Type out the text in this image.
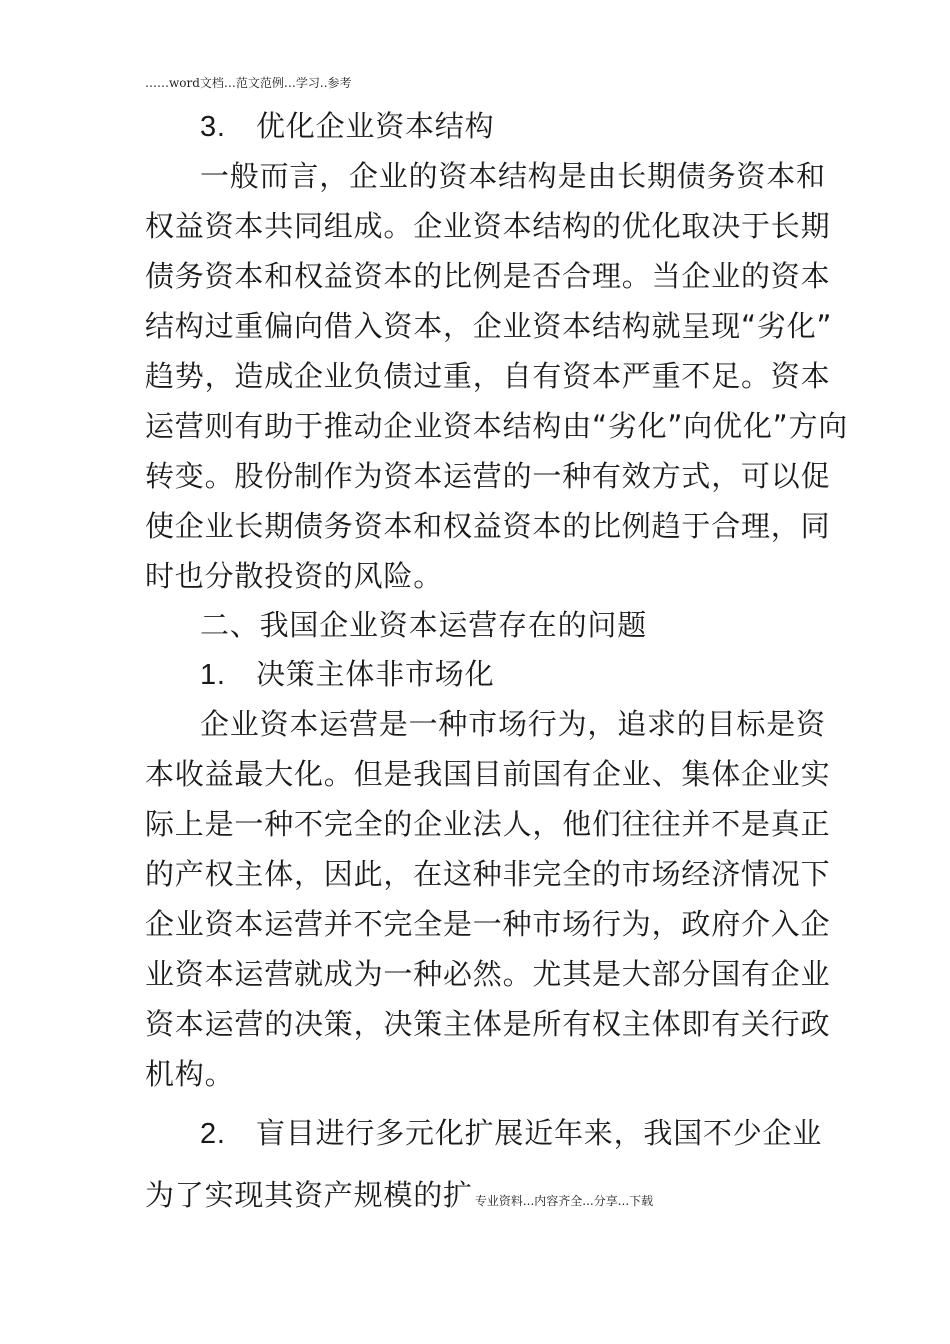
……word文档…范文范例…学习..参考
3. 优化企业资本结构
一般而言，企业的资本结构是由长期债务资本和
权益资本共同组成。企业资本结构的优化取决于长期
债务资本和权益资本的比例是否合理。当企业的资本
结构过重偏向借入资本，企业资本结构就呈现“劣化”
趋势，造成企业负债过重，自有资本严重不足。资本
运营则有助于推动企业资本结构由“劣化”向优化”方向
转变。股份制作为资本运营的一种有效方式，可以促
使企业长期债务资本和权益资本的比例趋于合理，同
时也分散投资的风险。
二、我国企业资本运营存在的问题
1. 决策主体非市场化
企业资本运营是一种市场行为，追求的目标是资
本收益最大化。但是我国目前国有企业、集体企业实
际上是一种不完全的企业法人，他们往往并不是真正
的产权主体，因此，在这种非完全的市场经济情况下
企业资本运营并不完全是一种市场行为，政府介入企
业资本运营就成为一种必然。尤其是大部分国有企业
资本运营的决策，决策主体是所有权主体即有关行政
机构。
2. 盲目进行多元化扩展近年来，我国不少企业
为了实现其资产规模的扩 专业资料...内容齐全...分享...下载
